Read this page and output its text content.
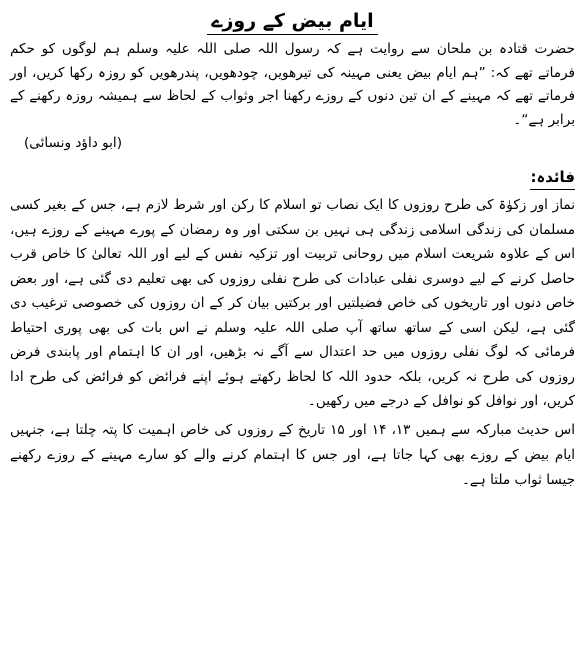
ایام بیض کے روزے

حضرت قتادہ بن ملحان سے روایت ہے کہ رسول اللہ صلی اللہ علیہ وسلم ہم لوگوں کو حکم فرماتے تھے کہ: ”ہم ایام بیض یعنی مہینہ کی تیرھویں، چودھویں، پندرھویں کو روزہ رکھا کریں، اور فرماتے تھے کہ مہینے کے ان تین دنوں کے روزے رکھنا اجر وثواب کے لحاظ سے ہمیشہ روزہ رکھنے کے برابر ہے“۔

(ابو داؤد ونسائی)

فائدہ:

نماز اور زکوٰۃ کی طرح روزوں کا ایک نصاب تو اسلام کا رکن اور شرط لازم ہے، جس کے بغیر کسی مسلمان کی زندگی اسلامی زندگی ہی نہیں بن سکتی اور وہ رمضان کے پورے مہینے کے روزے ہیں، اس کے علاوہ شریعت اسلام میں روحانی تربیت اور تزکیہ نفس کے لیے اور اللہ تعالیٰ کا خاص قرب حاصل کرنے کے لیے دوسری نفلی عبادات کی طرح نفلی روزوں کی بھی تعلیم دی گئی ہے، اور بعض خاص دنوں اور تاریخوں کی خاص فضیلتیں اور برکتیں بیان کر کے ان روزوں کی خصوصی ترغیب دی گئی ہے، لیکن اسی کے ساتھ ساتھ آپ صلی اللہ علیہ وسلم نے اس بات کی بھی پوری احتیاط فرمائی کہ لوگ نفلی روزوں میں حد اعتدال سے آگے نہ بڑھیں، اور ان کا اہتمام اور پابندی فرض روزوں کی طرح نہ کریں، بلکہ حدود اللہ کا لحاظ رکھتے ہوئے اپنے فرائض کو فرائض کی طرح ادا کریں، اور نوافل کو نوافل کے درجے میں رکھیں۔

اس حدیث مبارکہ سے ہمیں ۱۳، ۱۴ اور ۱۵ تاریخ کے روزوں کی خاص اہمیت کا پتہ چلتا ہے، جنہیں ایام بیض کے روزے بھی کہا جاتا ہے، اور جس کا اہتمام کرنے والے کو سارے مہینے کے روزے رکھنے جیسا ثواب ملتا ہے۔
